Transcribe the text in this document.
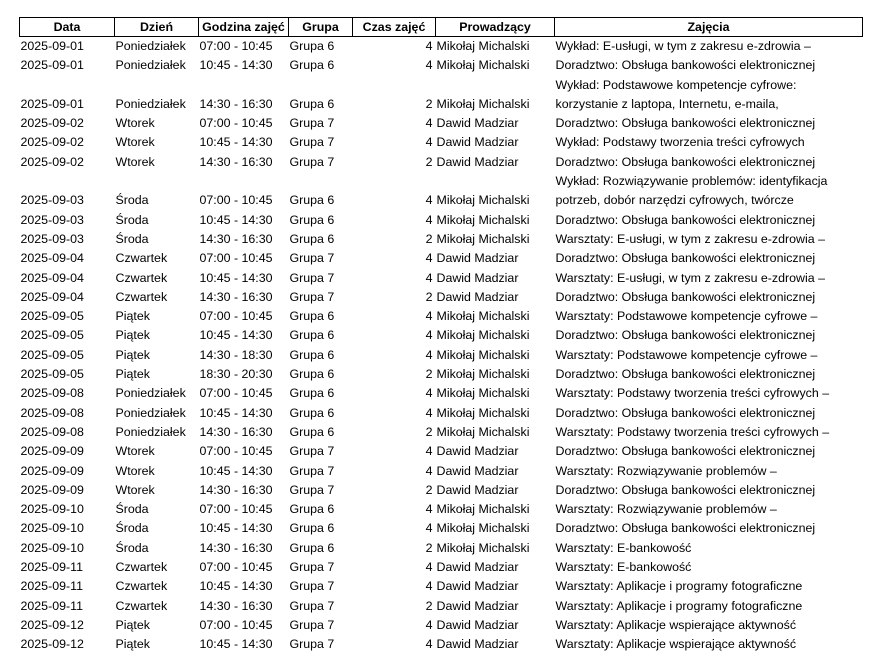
Data	Dzień	Godzina zajęć	Grupa	Czas zajęć	Prowadzący	Zajęcia
2025-09-01	Poniedziałek	07:00 - 10:45	Grupa 6	4	Mikołaj Michalski	Wykład: E-usługi, w tym z zakresu e-zdrowia –
2025-09-01	Poniedziałek	10:45 - 14:30	Grupa 6	4	Mikołaj Michalski	Doradztwo: Obsługa bankowości elektronicznej
2025-09-01	Poniedziałek	14:30 - 16:30	Grupa 6	2	Mikołaj Michalski	Wykład: Podstawowe kompetencje cyfrowe: korzystanie z laptopa, Internetu, e-maila,
2025-09-02	Wtorek	07:00 - 10:45	Grupa 7	4	Dawid Madziar	Doradztwo: Obsługa bankowości elektronicznej
2025-09-02	Wtorek	10:45 - 14:30	Grupa 7	4	Dawid Madziar	Wykład: Podstawy tworzenia treści cyfrowych
2025-09-02	Wtorek	14:30 - 16:30	Grupa 7	2	Dawid Madziar	Doradztwo: Obsługa bankowości elektronicznej
2025-09-03	Środa	07:00 - 10:45	Grupa 6	4	Mikołaj Michalski	Wykład: Rozwiązywanie problemów: identyfikacja potrzeb, dobór narzędzi cyfrowych, twórcze
2025-09-03	Środa	10:45 - 14:30	Grupa 6	4	Mikołaj Michalski	Doradztwo: Obsługa bankowości elektronicznej
2025-09-03	Środa	14:30 - 16:30	Grupa 6	2	Mikołaj Michalski	Warsztaty: E-usługi, w tym z zakresu e-zdrowia –
2025-09-04	Czwartek	07:00 - 10:45	Grupa 7	4	Dawid Madziar	Doradztwo: Obsługa bankowości elektronicznej
2025-09-04	Czwartek	10:45 - 14:30	Grupa 7	4	Dawid Madziar	Warsztaty: E-usługi, w tym z zakresu e-zdrowia –
2025-09-04	Czwartek	14:30 - 16:30	Grupa 7	2	Dawid Madziar	Doradztwo: Obsługa bankowości elektronicznej
2025-09-05	Piątek	07:00 - 10:45	Grupa 6	4	Mikołaj Michalski	Warsztaty: Podstawowe kompetencje cyfrowe –
2025-09-05	Piątek	10:45 - 14:30	Grupa 6	4	Mikołaj Michalski	Doradztwo: Obsługa bankowości elektronicznej
2025-09-05	Piątek	14:30 - 18:30	Grupa 6	4	Mikołaj Michalski	Warsztaty: Podstawowe kompetencje cyfrowe –
2025-09-05	Piątek	18:30 - 20:30	Grupa 6	2	Mikołaj Michalski	Doradztwo: Obsługa bankowości elektronicznej
2025-09-08	Poniedziałek	07:00 - 10:45	Grupa 6	4	Mikołaj Michalski	Warsztaty: Podstawy tworzenia treści cyfrowych –
2025-09-08	Poniedziałek	10:45 - 14:30	Grupa 6	4	Mikołaj Michalski	Doradztwo: Obsługa bankowości elektronicznej
2025-09-08	Poniedziałek	14:30 - 16:30	Grupa 6	2	Mikołaj Michalski	Warsztaty: Podstawy tworzenia treści cyfrowych –
2025-09-09	Wtorek	07:00 - 10:45	Grupa 7	4	Dawid Madziar	Doradztwo: Obsługa bankowości elektronicznej
2025-09-09	Wtorek	10:45 - 14:30	Grupa 7	4	Dawid Madziar	Warsztaty: Rozwiązywanie problemów –
2025-09-09	Wtorek	14:30 - 16:30	Grupa 7	2	Dawid Madziar	Doradztwo: Obsługa bankowości elektronicznej
2025-09-10	Środa	07:00 - 10:45	Grupa 6	4	Mikołaj Michalski	Warsztaty: Rozwiązywanie problemów –
2025-09-10	Środa	10:45 - 14:30	Grupa 6	4	Mikołaj Michalski	Doradztwo: Obsługa bankowości elektronicznej
2025-09-10	Środa	14:30 - 16:30	Grupa 6	2	Mikołaj Michalski	Warsztaty: E-bankowość
2025-09-11	Czwartek	07:00 - 10:45	Grupa 7	4	Dawid Madziar	Warsztaty: E-bankowość
2025-09-11	Czwartek	10:45 - 14:30	Grupa 7	4	Dawid Madziar	Warsztaty: Aplikacje i programy fotograficzne
2025-09-11	Czwartek	14:30 - 16:30	Grupa 7	2	Dawid Madziar	Warsztaty: Aplikacje i programy fotograficzne
2025-09-12	Piątek	07:00 - 10:45	Grupa 7	4	Dawid Madziar	Warsztaty: Aplikacje wspierające aktywność
2025-09-12	Piątek	10:45 - 14:30	Grupa 7	4	Dawid Madziar	Warsztaty: Aplikacje wspierające aktywność
